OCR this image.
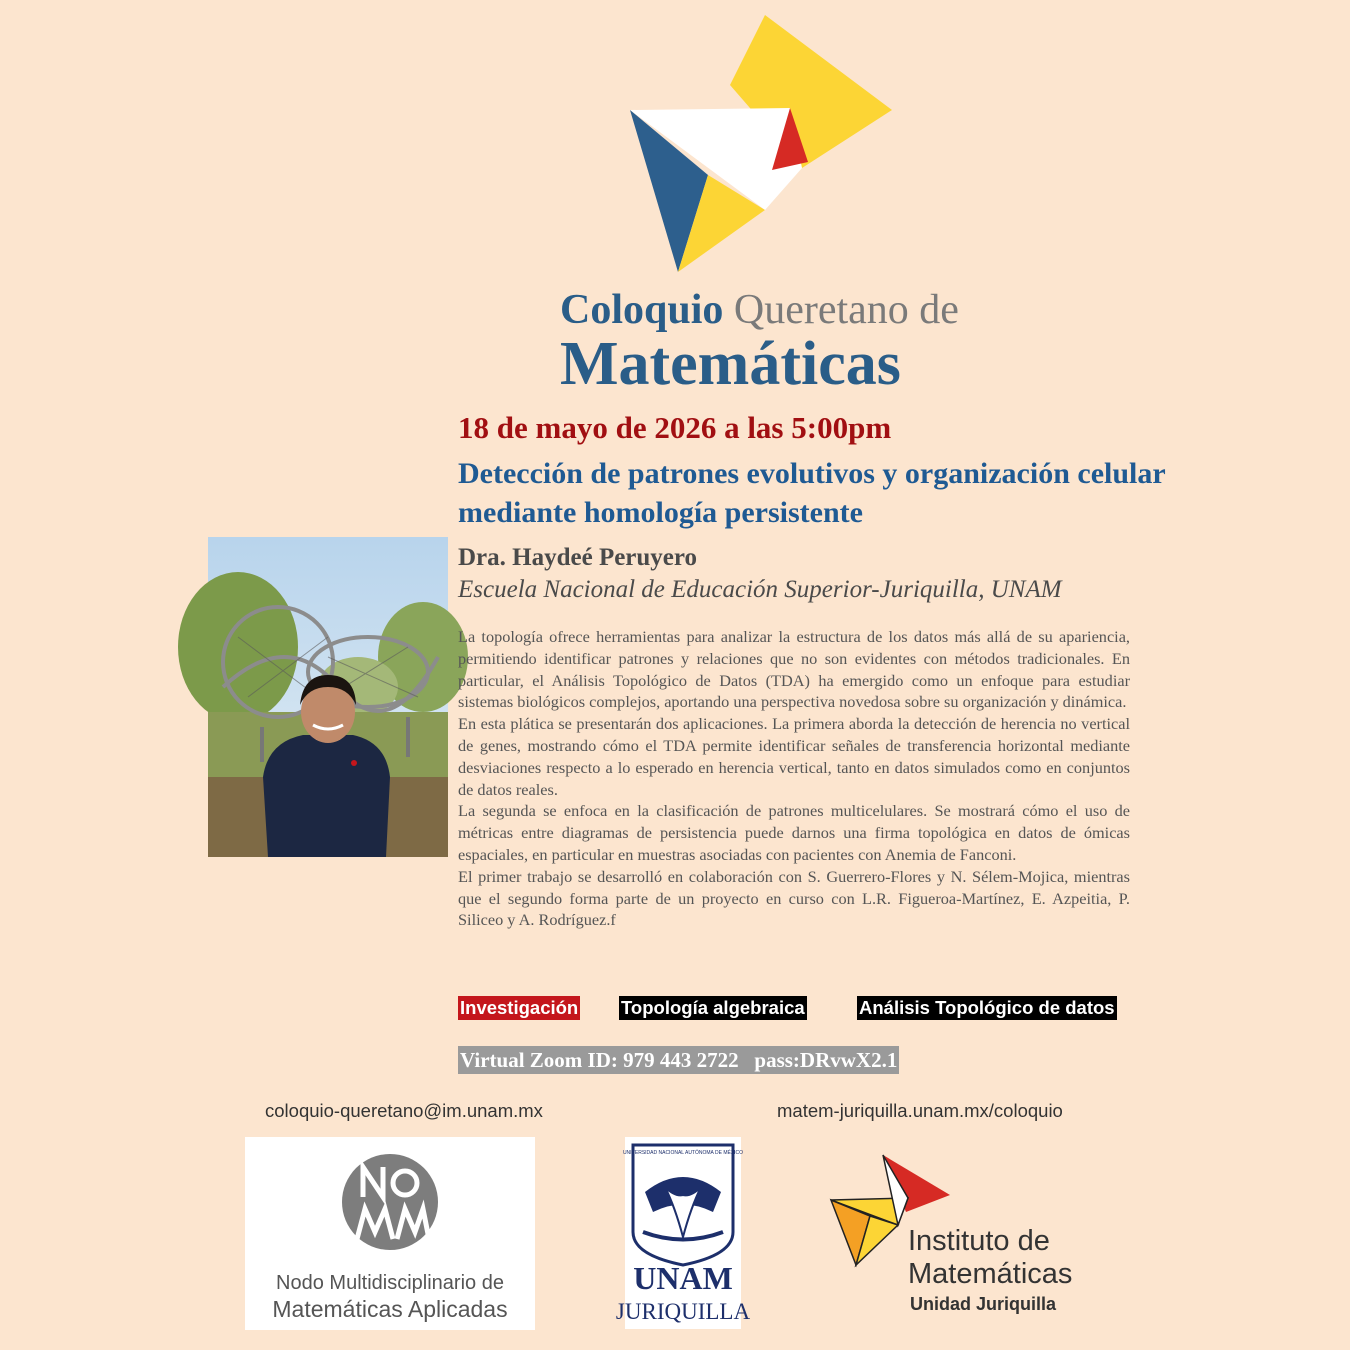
Coloquio Queretano de
Matemáticas
18 de mayo de 2026 a las 5:00pm
Detección de patrones evolutivos y organización celular mediante homología persistente
Dra. Haydeé Peruyero
Escuela Nacional de Educación Superior-Juriquilla, UNAM

La topología ofrece herramientas para analizar la estructura de los datos más allá de su apariencia, permitiendo identificar patrones y relaciones que no son evidentes con métodos tradicionales. En particular, el Análisis Topológico de Datos (TDA) ha emergido como un enfoque para estudiar sistemas biológicos complejos, aportando una perspectiva novedosa sobre su organización y dinámica.

En esta plática se presentarán dos aplicaciones. La primera aborda la detección de herencia no vertical de genes, mostrando cómo el TDA permite identificar señales de transferencia horizontal mediante desviaciones respecto a lo esperado en herencia vertical, tanto en datos simulados como en conjuntos de datos reales.

La segunda se enfoca en la clasificación de patrones multicelulares. Se mostrará cómo el uso de métricas entre diagramas de persistencia puede darnos una firma topológica en datos de ómicas espaciales, en particular en muestras asociadas con pacientes con Anemia de Fanconi.

El primer trabajo se desarrolló en colaboración con S. Guerrero-Flores y N. Sélem-Mojica, mientras que el segundo forma parte de un proyecto en curso con L.R. Figueroa-Martínez, E. Azpeitia, P. Siliceo y A. Rodríguez.f

Investigación Topología algebraica	Análisis Topológico de datos
Virtual Zoom ID: 979 443 2722 pass:DRvwX2.1
coloquio-queretano@im.unam.mx	matem-juriquilla.unam.mx/coloquio
Nodo Multidisciplinario de
Matemáticas Aplicadas
UNIVERSIDAD NACIONAL AUTÓNOMA DE MÉXICO
UNAM
JURIQUILLA
Instituto de
Matemáticas
Unidad Juriquilla
